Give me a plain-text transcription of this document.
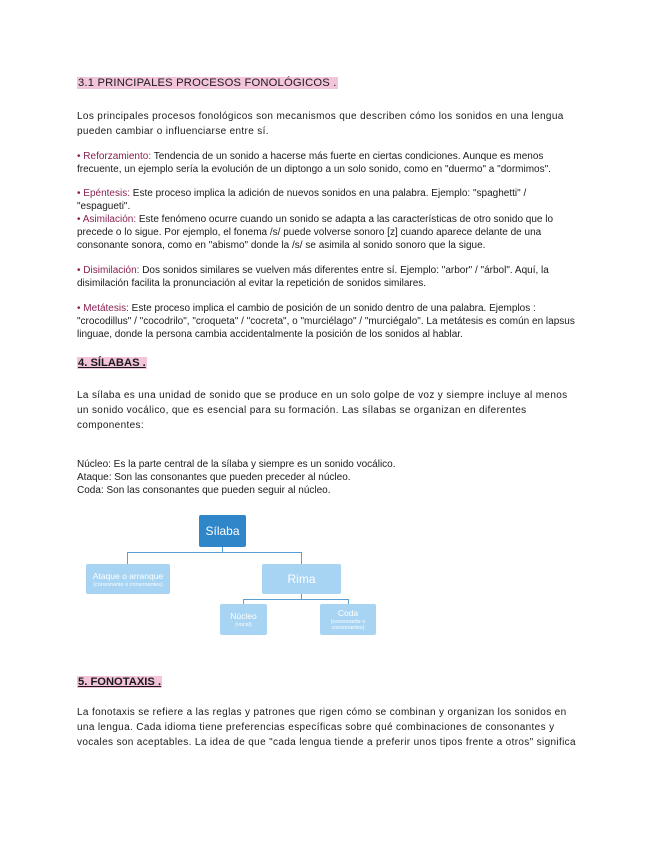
3.1 PRINCIPALES PROCESOS FONOLÓGICOS .
Los principales procesos fonológicos son mecanismos que describen cómo los sonidos en una lengua pueden cambiar o influenciarse entre sí.
• Reforzamiento: Tendencia de un sonido a hacerse más fuerte en ciertas condiciones. Aunque es menos frecuente, un ejemplo sería la evolución de un diptongo a un solo sonido, como en "duermo" a "dormimos".
• Epéntesis: Este proceso implica la adición de nuevos sonidos en una palabra. Ejemplo: "spaghetti" / "espagueti".
• Asimilación: Este fenómeno ocurre cuando un sonido se adapta a las características de otro sonido que lo precede o lo sigue. Por ejemplo, el fonema /s/ puede volverse sonoro [z] cuando aparece delante de una consonante sonora, como en "abismo" donde la /s/ se asimila al sonido sonoro que la sigue.
• Disimilación: Dos sonidos similares se vuelven más diferentes entre sí. Ejemplo: "arbor" / "árbol". Aquí, la disimilación facilita la pronunciación al evitar la repetición de sonidos similares.
• Metátesis: Este proceso implica el cambio de posición de un sonido dentro de una palabra. Ejemplos : "crocodillus" / "cocodrilo", "croqueta" / "cocreta", o "murciélago" / "murciégalo". La metátesis es común en lapsus linguae, donde la persona cambia accidentalmente la posición de los sonidos al hablar.
4. SÍLABAS .
La sílaba es una unidad de sonido que se produce en un solo golpe de voz y siempre incluye al menos un sonido vocálico, que es esencial para su formación. Las sílabas se organizan en diferentes componentes:
Núcleo: Es la parte central de la sílaba y siempre es un sonido vocálico.
Ataque: Son las consonantes que pueden preceder al núcleo.
Coda: Son las consonantes que pueden seguir al núcleo.
Sílaba
Ataque o arranque
(consonante o consonantes)	Rima
Núcleo
(vocal)
Coda
(consonante o consonantes)
5. FONOTAXIS .
La fonotaxis se refiere a las reglas y patrones que rigen cómo se combinan y organizan los sonidos en una lengua. Cada idioma tiene preferencias específicas sobre qué combinaciones de consonantes y vocales son aceptables. La idea de que "cada lengua tiende a preferir unos tipos frente a otros" significa
